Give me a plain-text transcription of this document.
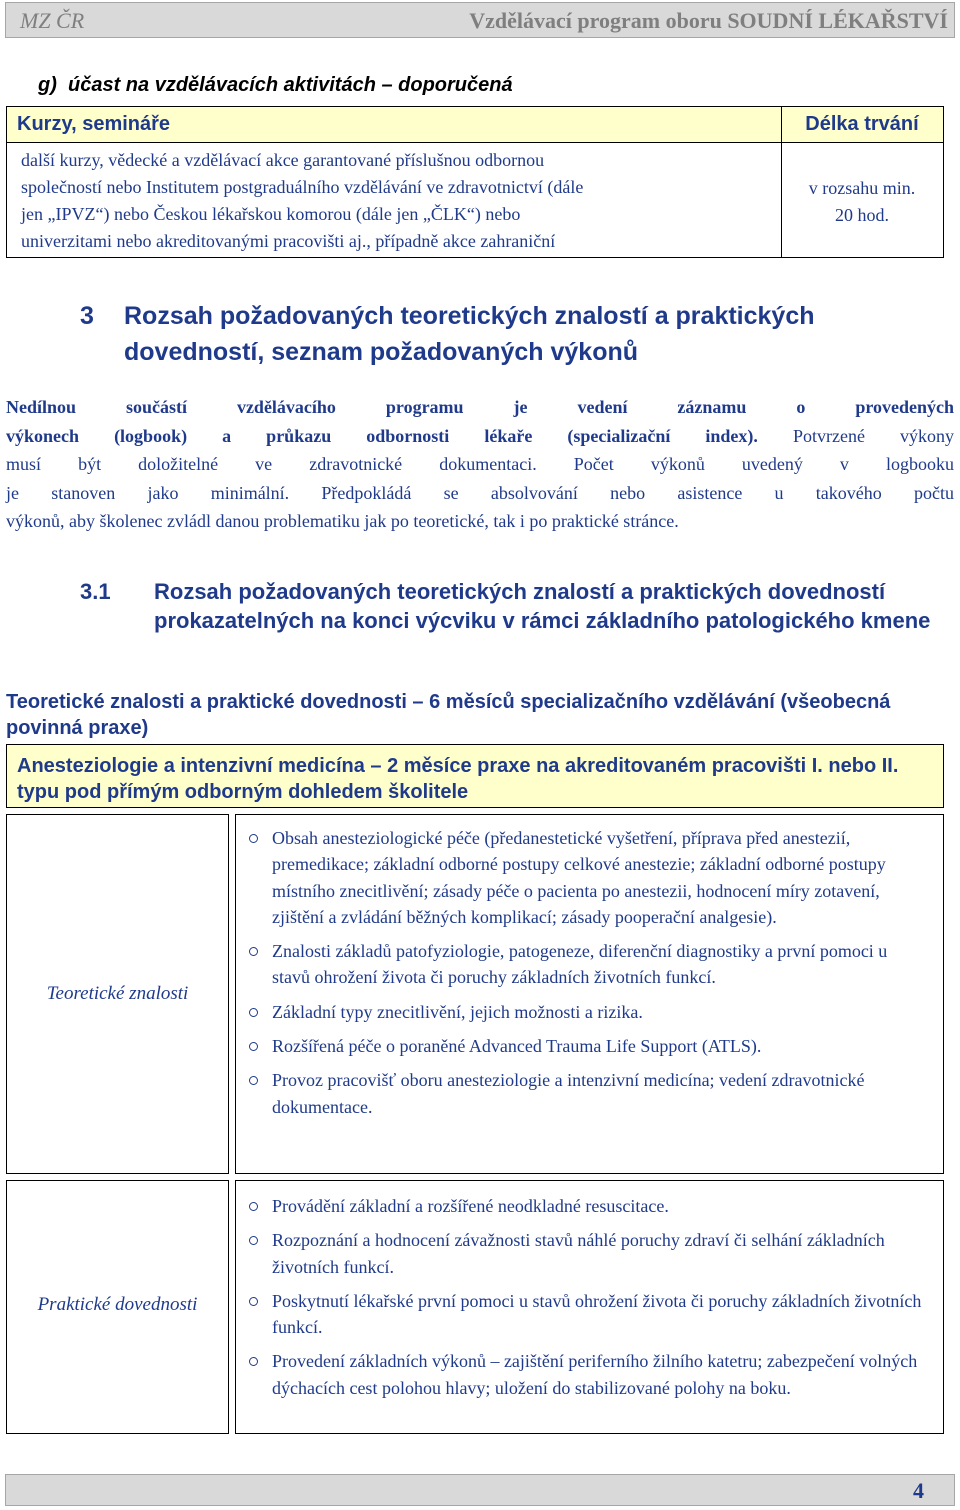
MZ ČR	Vzdělávací program oboru SOUDNÍ LÉKAŘSTVÍ
g)  účast na vzdělávacích aktivitách – doporučená
Kurzy, semináře	Délka trvání
další kurzy, vědecké a vzdělávací akce garantované příslušnou odbornou
společností nebo Institutem postgraduálního vzdělávání ve zdravotnictví (dále
jen „IPVZ“) nebo Českou lékařskou komorou (dále jen „ČLK“) nebo
univerzitami nebo akreditovanými pracovišti aj., případně akce zahraniční
v rozsahu min.
20 hod.
3 Rozsah požadovaných teoretických znalostí a praktických dovedností, seznam požadovaných výkonů
Nedílnou součástí vzdělávacího programu je vedení záznamu o provedených
výkonech (logbook) a průkazu odbornosti lékaře (specializační index). Potvrzené výkony
musí být doložitelné ve zdravotnické dokumentaci. Počet výkonů uvedený v logbooku
je stanoven jako minimální. Předpokládá se absolvování nebo asistence u takového počtu
výkonů, aby školenec zvládl danou problematiku jak po teoretické, tak i po praktické stránce.
3.1 Rozsah požadovaných teoretických znalostí a praktických dovedností prokazatelných na konci výcviku v rámci základního patologického kmene
Teoretické znalosti a praktické dovednosti – 6 měsíců specializačního vzdělávání (všeobecná povinná praxe)
Anesteziologie a intenzivní medicína – 2 měsíce praxe na akreditovaném pracovišti I. nebo II. typu pod přímým odborným dohledem školitele
Teoretické znalosti
Obsah anesteziologické péče (předanestetické vyšetření, příprava před anestezií, premedikace; základní odborné postupy celkové anestezie; základní odborné postupy místního znecitlivění; zásady péče o pacienta po anestezii, hodnocení míry zotavení, zjištění a zvládání běžných komplikací; zásady pooperační analgesie).
Znalosti základů patofyziologie, patogeneze, diferenční diagnostiky a první pomoci u stavů ohrožení života či poruchy základních životních funkcí.
Základní typy znecitlivění, jejich možnosti a rizika.
Rozšířená péče o poraněné Advanced Trauma Life Support (ATLS).
Provoz pracovišť oboru anesteziologie a intenzivní medicína; vedení zdravotnické dokumentace.
Praktické dovednosti
Provádění základní a rozšířené neodkladné resuscitace.
Rozpoznání a hodnocení závažnosti stavů náhlé poruchy zdraví či selhání základních životních funkcí.
Poskytnutí lékařské první pomoci u stavů ohrožení života či poruchy základních životních funkcí.
Provedení základních výkonů – zajištění periferního žilního katetru; zabezpečení volných dýchacích cest polohou hlavy; uložení do stabilizované polohy na boku.
4
